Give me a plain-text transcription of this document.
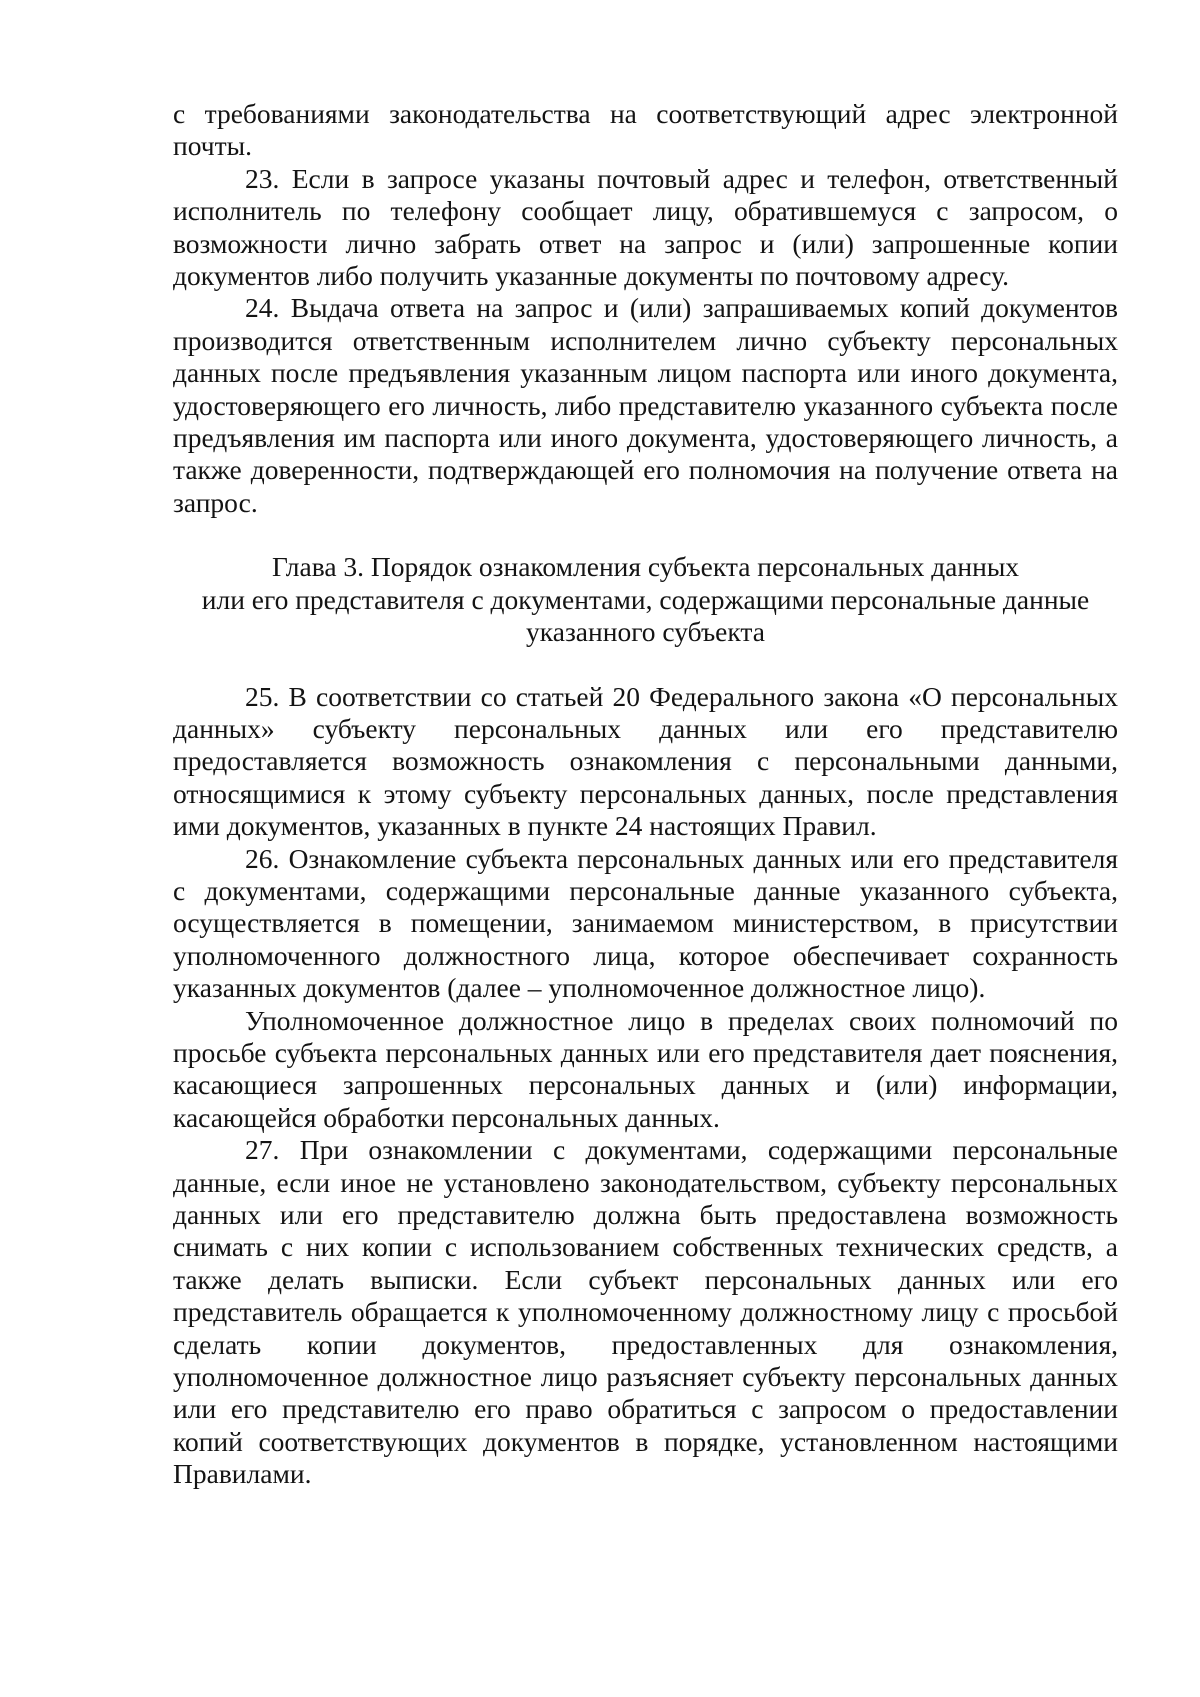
с требованиями законодательства на соответствующий адрес электронной почты.

23. Если в запросе указаны почтовый адрес и телефон, ответственный исполнитель по телефону сообщает лицу, обратившемуся с запросом, о возможности лично забрать ответ на запрос и (или) запрошенные копии документов либо получить указанные документы по почтовому адресу.

24. Выдача ответа на запрос и (или) запрашиваемых копий документов производится ответственным исполнителем лично субъекту персональных данных после предъявления указанным лицом паспорта или иного документа, удостоверяющего его личность, либо представителю указанного субъекта после предъявления им паспорта или иного документа, удостоверяющего личность, а также доверенности, подтверждающей его полномочия на получение ответа на запрос.

Глава 3. Порядок ознакомления субъекта персональных данных
или его представителя с документами, содержащими персональные данные
указанного субъекта

25. В соответствии со статьей 20 Федерального закона «О персональных данных» субъекту персональных данных или его представителю предоставляется возможность ознакомления с персональными данными, относящимися к этому субъекту персональных данных, после представления ими документов, указанных в пункте 24 настоящих Правил.

26. Ознакомление субъекта персональных данных или его представителя с документами, содержащими персональные данные указанного субъекта, осуществляется в помещении, занимаемом министерством, в присутствии уполномоченного должностного лица, которое обеспечивает сохранность указанных документов (далее – уполномоченное должностное лицо).

Уполномоченное должностное лицо в пределах своих полномочий по просьбе субъекта персональных данных или его представителя дает пояснения, касающиеся запрошенных персональных данных и (или) информации, касающейся обработки персональных данных.

27. При ознакомлении с документами, содержащими персональные данные, если иное не установлено законодательством, субъекту персональных данных или его представителю должна быть предоставлена возможность снимать с них копии с использованием собственных технических средств, а также делать выписки. Если субъект персональных данных или его представитель обращается к уполномоченному должностному лицу с просьбой сделать копии документов, предоставленных для ознакомления, уполномоченное должностное лицо разъясняет субъекту персональных данных или его представителю его право обратиться с запросом о предоставлении копий соответствующих документов в порядке, установленном настоящими Правилами.
